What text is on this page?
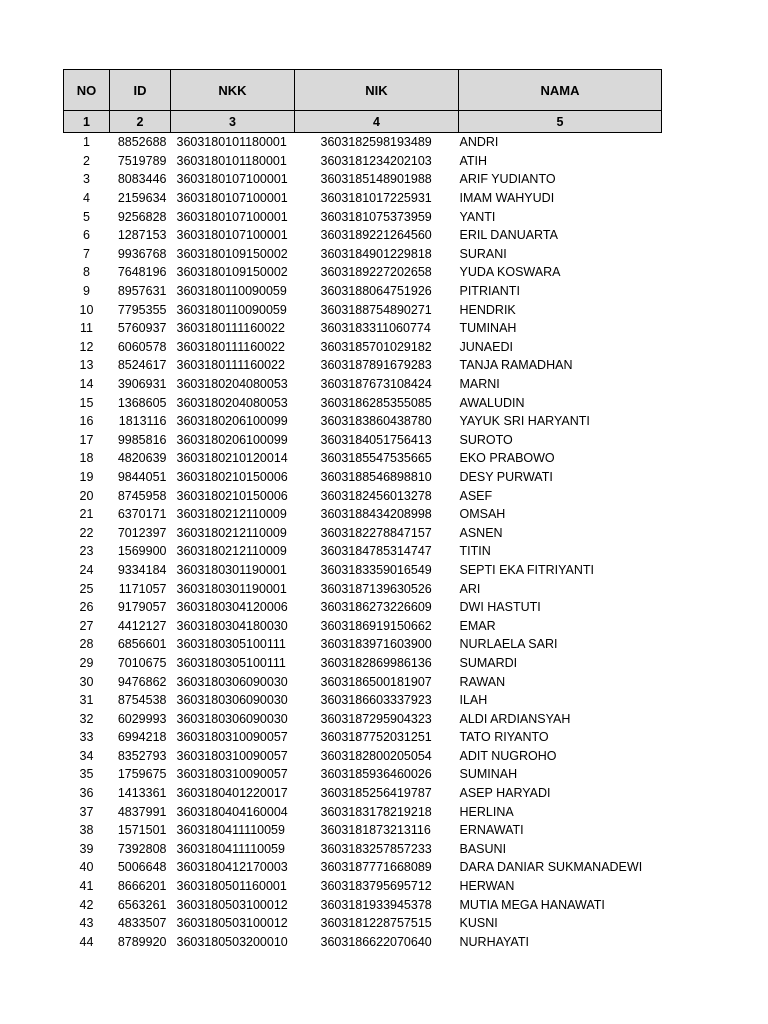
NO	ID	NKK	NIK	NAMA
1	2	3	4	5
1	8852688	3603180101180001	3603182598193489	ANDRI
2	7519789	3603180101180001	3603181234202103	ATIH
3	8083446	3603180107100001	3603185148901988	ARIF YUDIANTO
4	2159634	3603180107100001	3603181017225931	IMAM WAHYUDI
5	9256828	3603180107100001	3603181075373959	YANTI
6	1287153	3603180107100001	3603189221264560	ERIL DANUARTA
7	9936768	3603180109150002	3603184901229818	SURANI
8	7648196	3603180109150002	3603189227202658	YUDA KOSWARA
9	8957631	3603180110090059	3603188064751926	PITRIANTI
10	7795355	3603180110090059	3603188754890271	HENDRIK
11	5760937	3603180111160022	3603183311060774	TUMINAH
12	6060578	3603180111160022	3603185701029182	JUNAEDI
13	8524617	3603180111160022	3603187891679283	TANJA RAMADHAN
14	3906931	3603180204080053	3603187673108424	MARNI
15	1368605	3603180204080053	3603186285355085	AWALUDIN
16	1813116	3603180206100099	3603183860438780	YAYUK SRI HARYANTI
17	9985816	3603180206100099	3603184051756413	SUROTO
18	4820639	3603180210120014	3603185547535665	EKO PRABOWO
19	9844051	3603180210150006	3603188546898810	DESY PURWATI
20	8745958	3603180210150006	3603182456013278	ASEF
21	6370171	3603180212110009	3603188434208998	OMSAH
22	7012397	3603180212110009	3603182278847157	ASNEN
23	1569900	3603180212110009	3603184785314747	TITIN
24	9334184	3603180301190001	3603183359016549	SEPTI EKA FITRIYANTI
25	1171057	3603180301190001	3603187139630526	ARI
26	9179057	3603180304120006	3603186273226609	DWI HASTUTI
27	4412127	3603180304180030	3603186919150662	EMAR
28	6856601	3603180305100111	3603183971603900	NURLAELA SARI
29	7010675	3603180305100111	3603182869986136	SUMARDI
30	9476862	3603180306090030	3603186500181907	RAWAN
31	8754538	3603180306090030	3603186603337923	ILAH
32	6029993	3603180306090030	3603187295904323	ALDI ARDIANSYAH
33	6994218	3603180310090057	3603187752031251	TATO RIYANTO
34	8352793	3603180310090057	3603182800205054	ADIT NUGROHO
35	1759675	3603180310090057	3603185936460026	SUMINAH
36	1413361	3603180401220017	3603185256419787	ASEP HARYADI
37	4837991	3603180404160004	3603183178219218	HERLINA
38	1571501	3603180411110059	3603181873213116	ERNAWATI
39	7392808	3603180411110059	3603183257857233	BASUNI
40	5006648	3603180412170003	3603187771668089	DARA DANIAR SUKMANADEWI
41	8666201	3603180501160001	3603183795695712	HERWAN
42	6563261	3603180503100012	3603181933945378	MUTIA MEGA HANAWATI
43	4833507	3603180503100012	3603181228757515	KUSNI
44	8789920	3603180503200010	3603186622070640	NURHAYATI
